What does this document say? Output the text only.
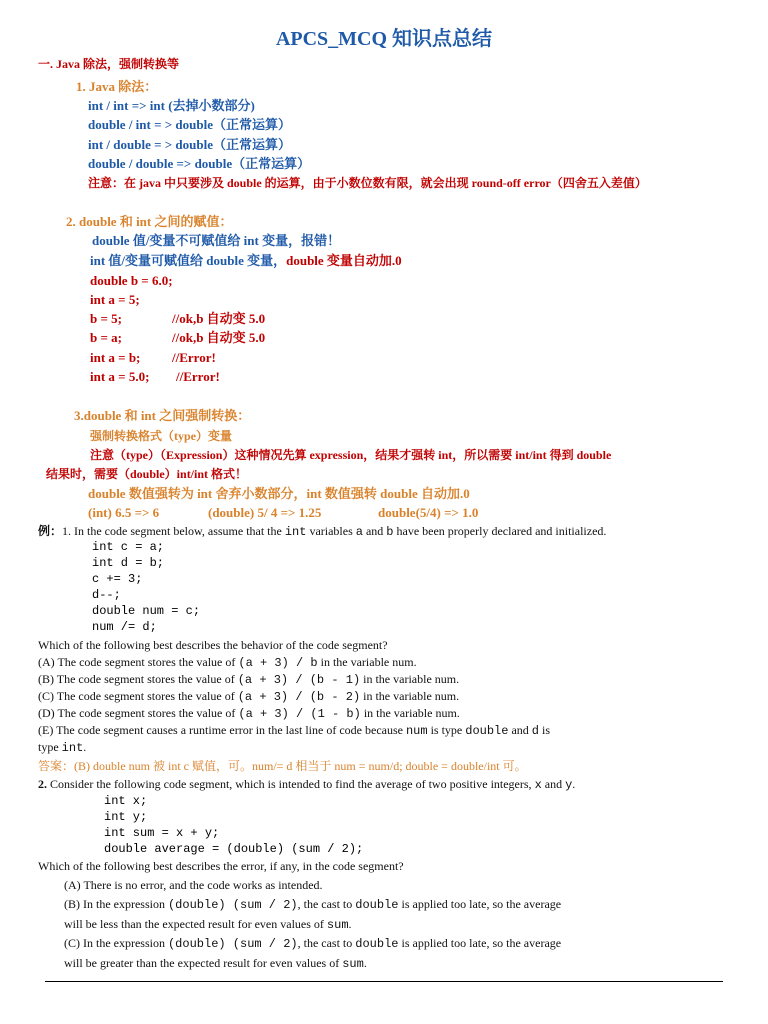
APCS_MCQ 知识点总结
一. Java 除法，强制转换等
1. Java 除法：
int / int => int (去掉小数部分)
double / int = > double（正常运算）
int / double = > double（正常运算）
double / double => double（正常运算）
注意：在 java 中只要涉及 double 的运算，由于小数位数有限，就会出现 round-off error（四舍五入差值）
2. double 和 int 之间的赋值：
double 值/变量不可赋值给 int 变量，报错！
int 值/变量可赋值给 double 变量，double 变量自动加.0
double b = 6.0;
int a = 5;
b = 5;	//ok,b 自动变 5.0
b = a;	//ok,b 自动变 5.0
int a = b; //Error!
int a = 5.0; //Error!
3.double 和 int 之间强制转换：
强制转换格式（type）变量
注意（type）（Expression）这种情况先算 expression，结果才强转 int，所以需要 int/int 得到 double
结果时，需要（double）int/int 格式！
double 数值强转为 int 舍弃小数部分，int 数值强转 double 自动加.0
(int) 6.5 => 6	(double) 5/ 4 => 1.25	double(5/4) => 1.0
例：1. In the code segment below, assume that the int variables a and b have been properly declared and initialized.
int c = a;
int d = b;
c += 3;
d--;
double num = c;
num /= d;
Which of the following best describes the behavior of the code segment?
(A) The code segment stores the value of (a + 3) / b in the variable num.
(B) The code segment stores the value of (a + 3) / (b - 1) in the variable num.
(C) The code segment stores the value of (a + 3) / (b - 2) in the variable num.
(D) The code segment stores the value of (a + 3) / (1 - b) in the variable num.
(E) The code segment causes a runtime error in the last line of code because num is type double and d is
type int.
答案：(B) double num 被 int c 赋值，可。num/= d 相当于 num = num/d; double = double/int 可。
2. Consider the following code segment, which is intended to find the average of two positive integers, x and y.
int x;
int y;
int sum = x + y;
double average = (double) (sum / 2);
Which of the following best describes the error, if any, in the code segment?
(A) There is no error, and the code works as intended.
(B) In the expression (double) (sum / 2), the cast to double is applied too late, so the average
will be less than the expected result for even values of sum.
(C) In the expression (double) (sum / 2), the cast to double is applied too late, so the average
will be greater than the expected result for even values of sum.
